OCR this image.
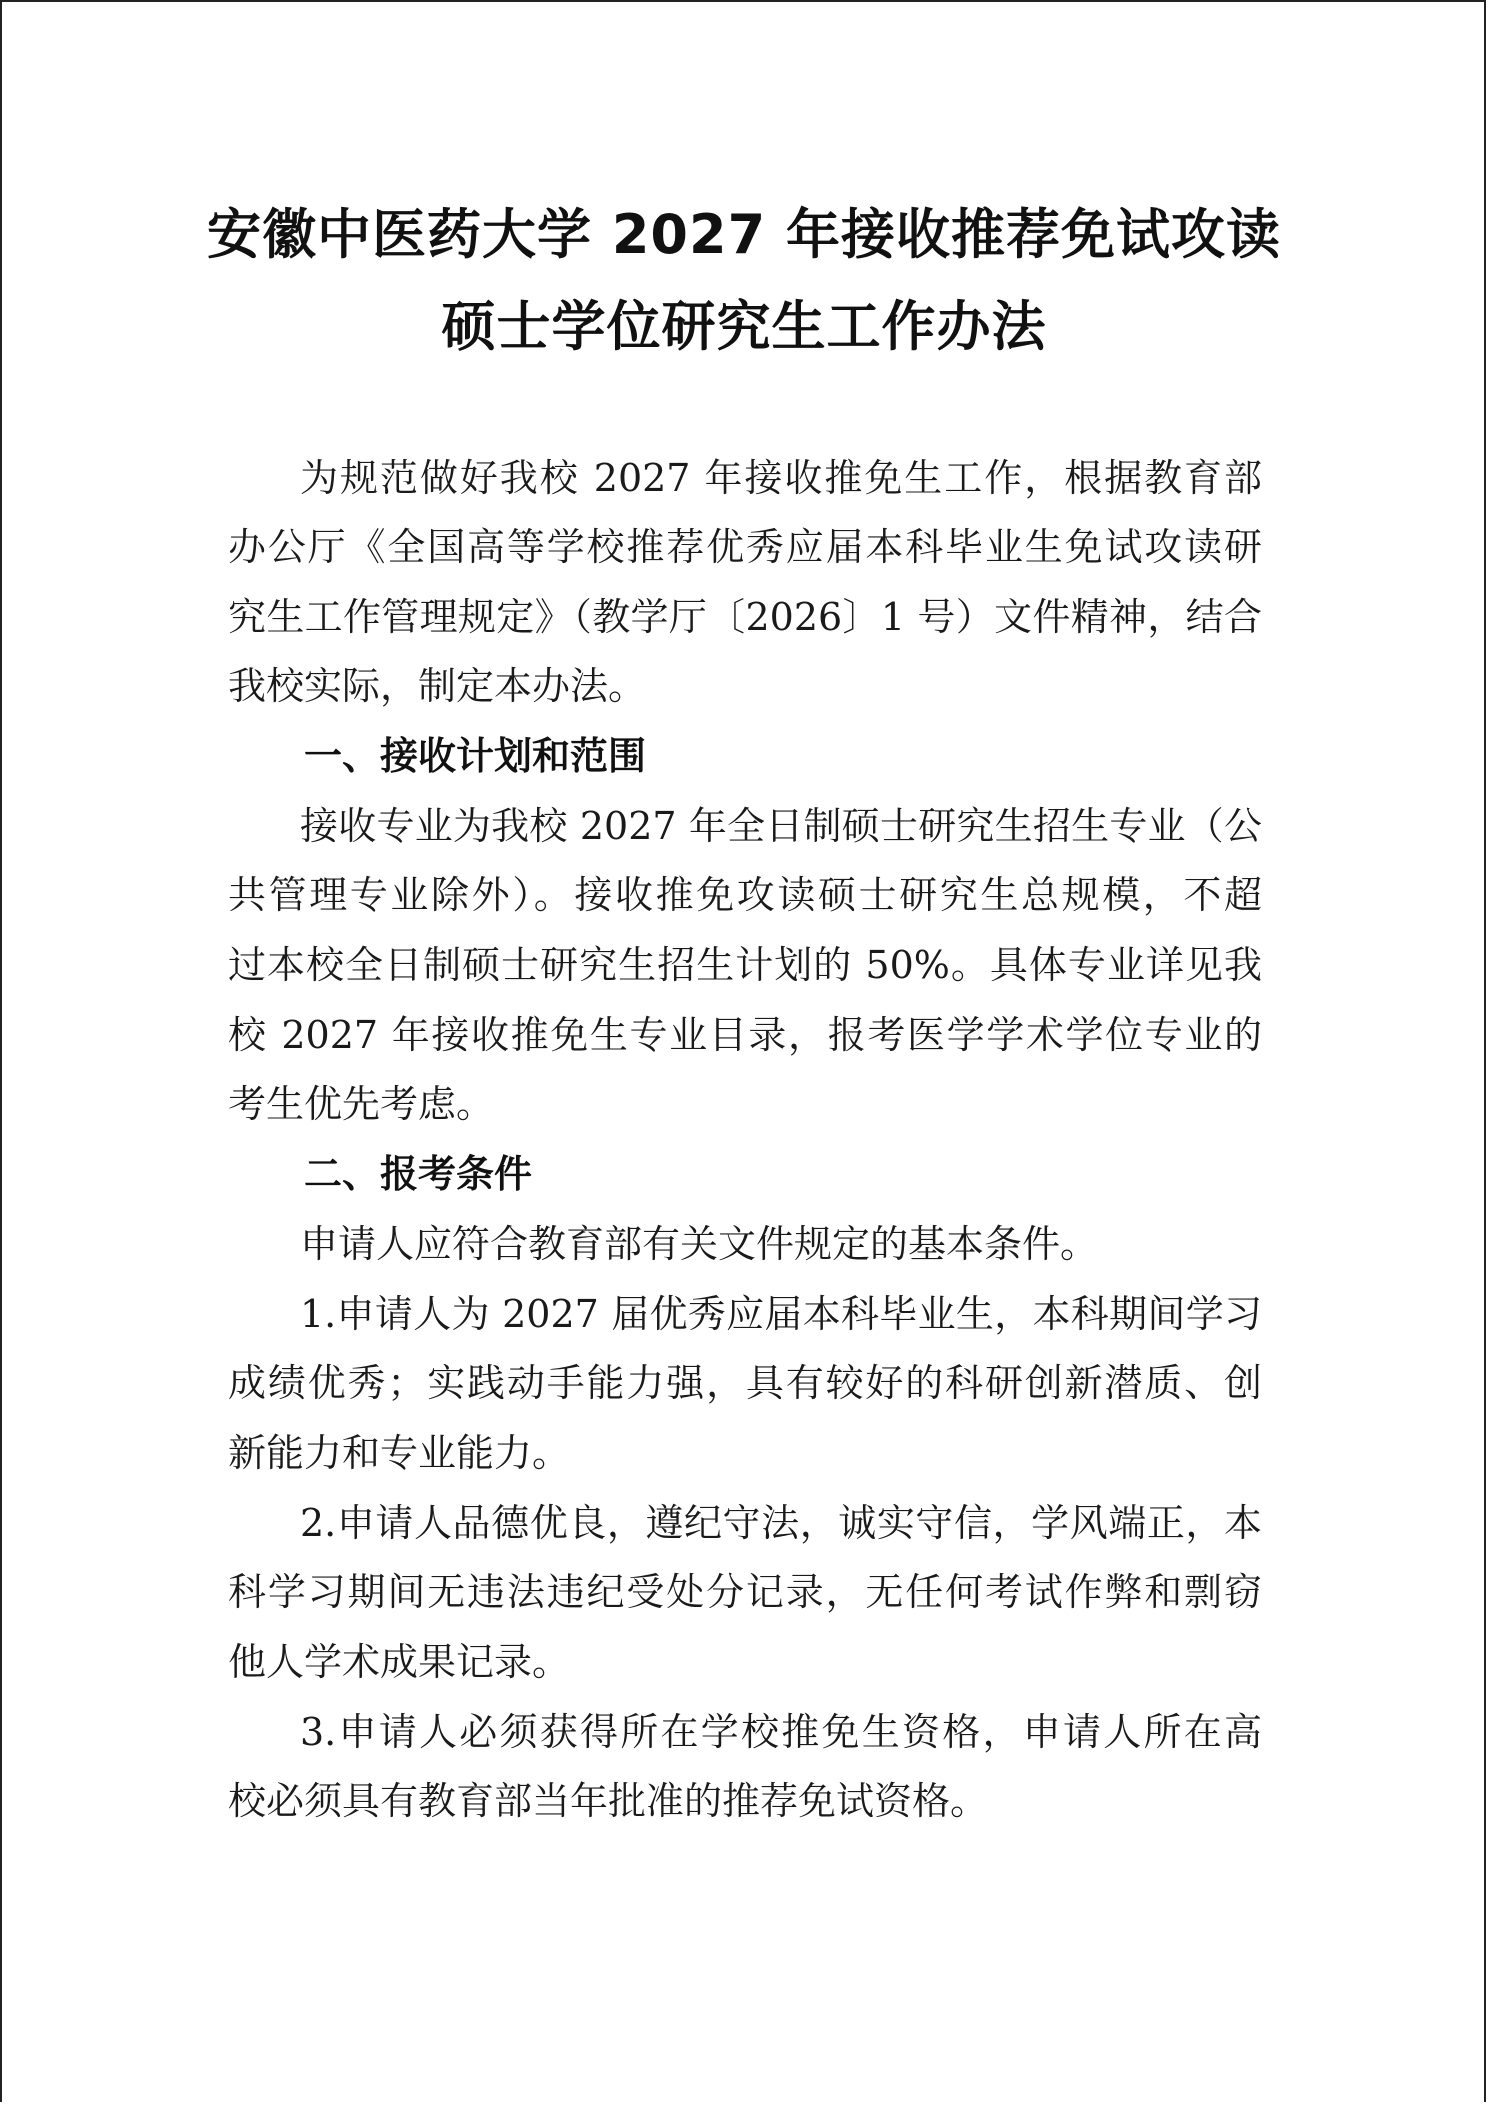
安徽中医药大学 2027 年接收推荐免试攻读
硕士学位研究生工作办法
为规范做好我校 2027 年接收推免生工作，根据教育部
办公厅《全国高等学校推荐优秀应届本科毕业生免试攻读研
究生工作管理规定》（教学厅〔2026〕1 号）文件精神，结合
我校实际，制定本办法。
一、接收计划和范围
接收专业为我校 2027 年全日制硕士研究生招生专业（公
共管理专业除外）。接收推免攻读硕士研究生总规模，不超
过本校全日制硕士研究生招生计划的 50%。具体专业详见我
校 2027 年接收推免生专业目录，报考医学学术学位专业的
考生优先考虑。
二、报考条件
申请人应符合教育部有关文件规定的基本条件。
1.申请人为 2027 届优秀应届本科毕业生，本科期间学习
成绩优秀；实践动手能力强，具有较好的科研创新潜质、创
新能力和专业能力。
2.申请人品德优良，遵纪守法，诚实守信，学风端正，本
科学习期间无违法违纪受处分记录，无任何考试作弊和剽窃
他人学术成果记录。
3.申请人必须获得所在学校推免生资格，申请人所在高
校必须具有教育部当年批准的推荐免试资格。
